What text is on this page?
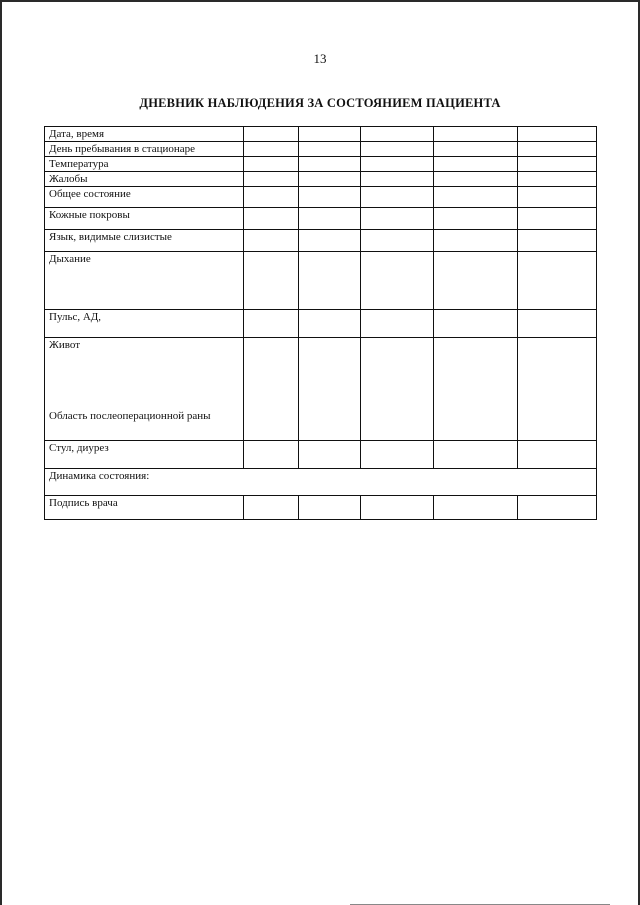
13
ДНЕВНИК НАБЛЮДЕНИЯ ЗА СОСТОЯНИЕМ ПАЦИЕНТА
Дата, время					
День пребывания в стационаре					
Температура					
Жалобы					
Общее состояние					
Кожные покровы					
Язык, видимые слизистые					
Дыхание					
Пульс, АД,					

Живот
Область послеоперационной раны					

Стул, диурез					
Динамика состояния:					
Подпись врача					
